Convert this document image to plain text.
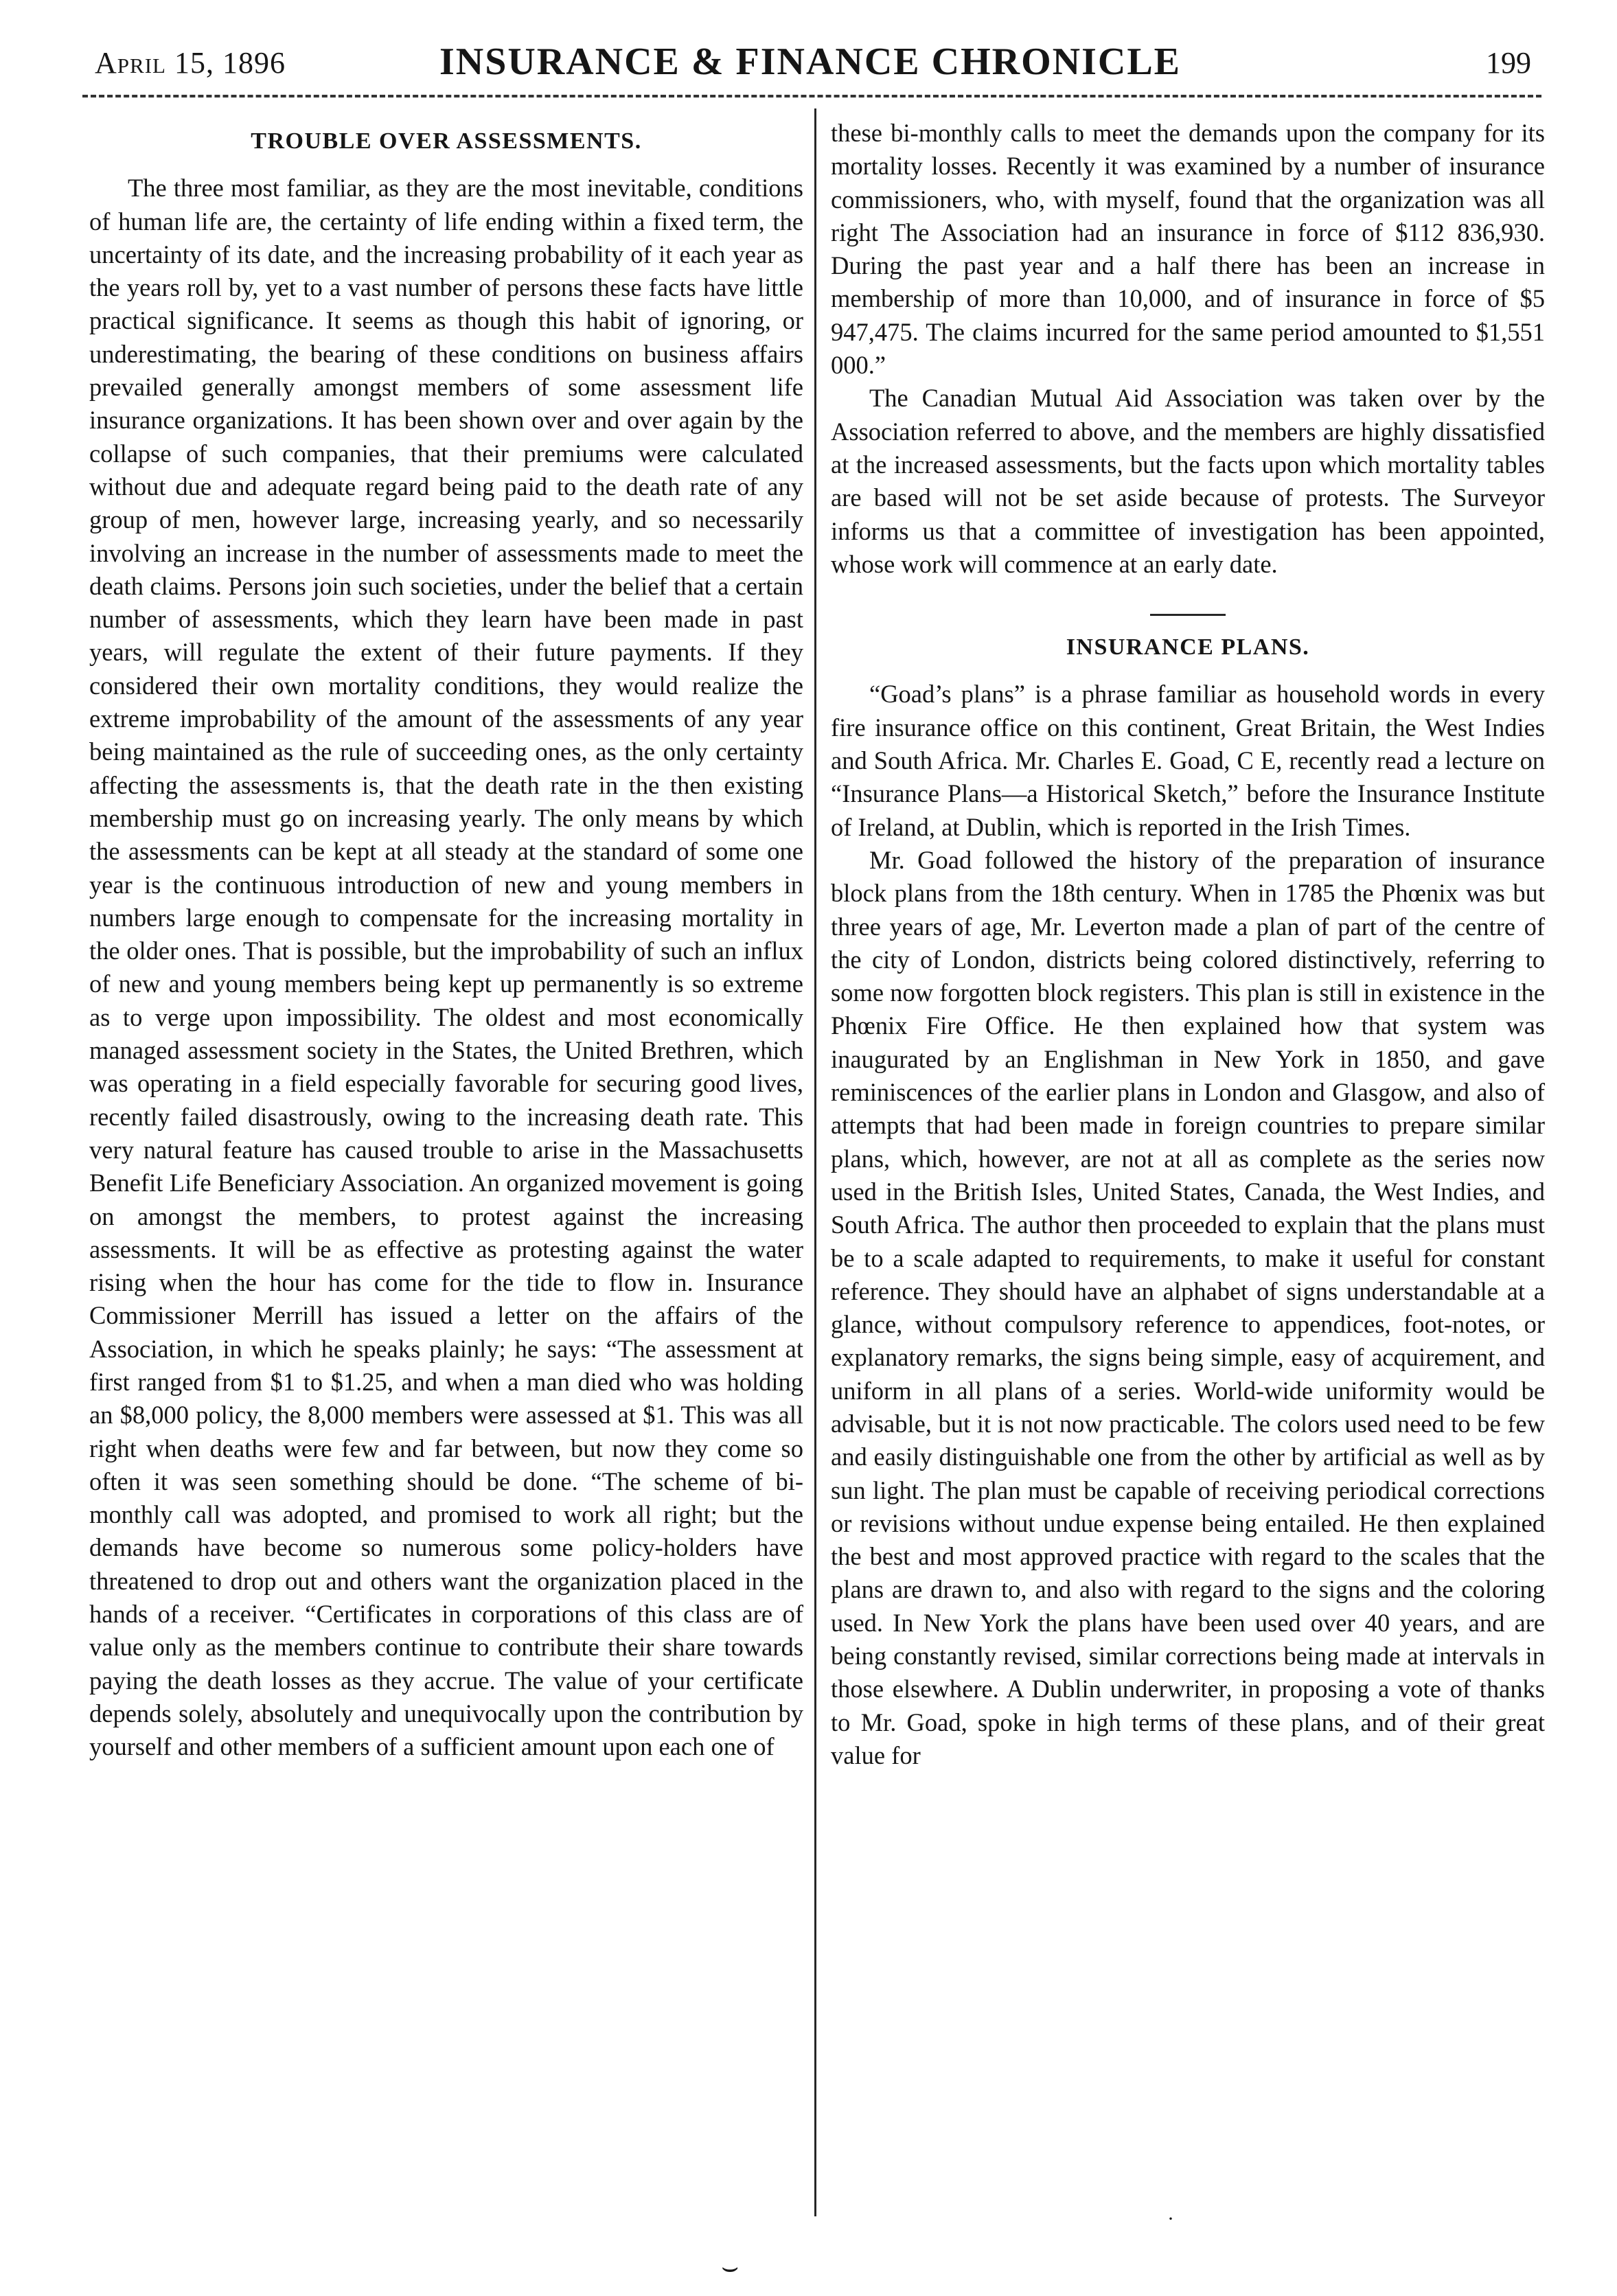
April 15, 1896	INSURANCE & FINANCE CHRONICLE	199
TROUBLE OVER ASSESSMENTS.

The three most familiar, as they are the most inevitable, conditions of human life are, the certainty of life ending within a fixed term, the uncertainty of its date, and the increasing probability of it each year as the years roll by, yet to a vast number of persons these facts have little practical significance. It seems as though this habit of ignoring, or underestimating, the bearing of these conditions on business affairs prevailed generally amongst members of some assessment life insurance organizations. It has been shown over and over again by the collapse of such companies, that their premiums were calculated without due and adequate regard being paid to the death rate of any group of men, however large, increasing yearly, and so necessarily involving an increase in the number of assessments made to meet the death claims. Persons join such societies, under the belief that a certain number of assessments, which they learn have been made in past years, will regulate the extent of their future payments. If they considered their own mortality conditions, they would realize the extreme improbability of the amount of the assessments of any year being maintained as the rule of succeeding ones, as the only certainty affecting the assessments is, that the death rate in the then existing membership must go on increasing yearly. The only means by which the assessments can be kept at all steady at the standard of some one year is the continuous introduction of new and young members in numbers large enough to compensate for the increasing mortality in the older ones. That is possible, but the improbability of such an influx of new and young members being kept up permanently is so extreme as to verge upon impossibility. The oldest and most economically managed assessment society in the States, the United Brethren, which was operating in a field especially favorable for securing good lives, recently failed disastrously, owing to the increasing death rate. This very natural feature has caused trouble to arise in the Massachusetts Benefit Life Beneficiary Association. An organized movement is going on amongst the members, to protest against the increasing assessments. It will be as effective as protesting against the water rising when the hour has come for the tide to flow in. Insurance Commissioner Merrill has issued a letter on the affairs of the Association, in which he speaks plainly; he says: “The assessment at first ranged from $1 to $1.25, and when a man died who was holding an $8,000 policy, the 8,000 members were assessed at $1. This was all right when deaths were few and far between, but now they come so often it was seen something should be done. “The scheme of bi-monthly call was adopted, and promised to work all right; but the demands have become so numerous some policy-holders have threatened to drop out and others want the organization placed in the hands of a receiver. “Certificates in corporations of this class are of value only as the members continue to contribute their share towards paying the death losses as they accrue. The value of your certificate depends solely, absolutely and unequivocally upon the contribution by yourself and other members of a sufficient amount upon each one of

these bi-monthly calls to meet the demands upon the company for its mortality losses. Recently it was examined by a number of insurance commissioners, who, with myself, found that the organization was all right The Association had an insurance in force of $112 836,930. During the past year and a half there has been an increase in membership of more than 10,000, and of insurance in force of $5 947,475. The claims incurred for the same period amounted to $1,551 000.”

The Canadian Mutual Aid Association was taken over by the Association referred to above, and the members are highly dissatisfied at the increased assessments, but the facts upon which mortality tables are based will not be set aside because of protests. The Surveyor informs us that a committee of investigation has been appointed, whose work will commence at an early date.

INSURANCE PLANS.

“Goad’s plans” is a phrase familiar as household words in every fire insurance office on this continent, Great Britain, the West Indies and South Africa. Mr. Charles E. Goad, C E, recently read a lecture on “Insurance Plans—a Historical Sketch,” before the Insurance Institute of Ireland, at Dublin, which is reported in the Irish Times.

Mr. Goad followed the history of the preparation of insurance block plans from the 18th century. When in 1785 the Phœnix was but three years of age, Mr. Leverton made a plan of part of the centre of the city of London, districts being colored distinctively, referring to some now forgotten block registers. This plan is still in existence in the Phœnix Fire Office. He then explained how that system was inaugurated by an Englishman in New York in 1850, and gave reminiscences of the earlier plans in London and Glasgow, and also of attempts that had been made in foreign countries to prepare similar plans, which, however, are not at all as complete as the series now used in the British Isles, United States, Canada, the West Indies, and South Africa. The author then proceeded to explain that the plans must be to a scale adapted to requirements, to make it useful for constant reference. They should have an alphabet of signs understandable at a glance, without compulsory reference to appendices, foot-notes, or explanatory remarks, the signs being simple, easy of acquirement, and uniform in all plans of a series. World-wide uniformity would be advisable, but it is not now practicable. The colors used need to be few and easily distinguishable one from the other by artificial as well as by sun light. The plan must be capable of receiving periodical corrections or revisions without undue expense being entailed. He then explained the best and most approved practice with regard to the scales that the plans are drawn to, and also with regard to the signs and the coloring used. In New York the plans have been used over 40 years, and are being constantly revised, similar corrections being made at intervals in those elsewhere. A Dublin underwriter, in proposing a vote of thanks to Mr. Goad, spoke in high terms of these plans, and of their great value for

·
⌣
